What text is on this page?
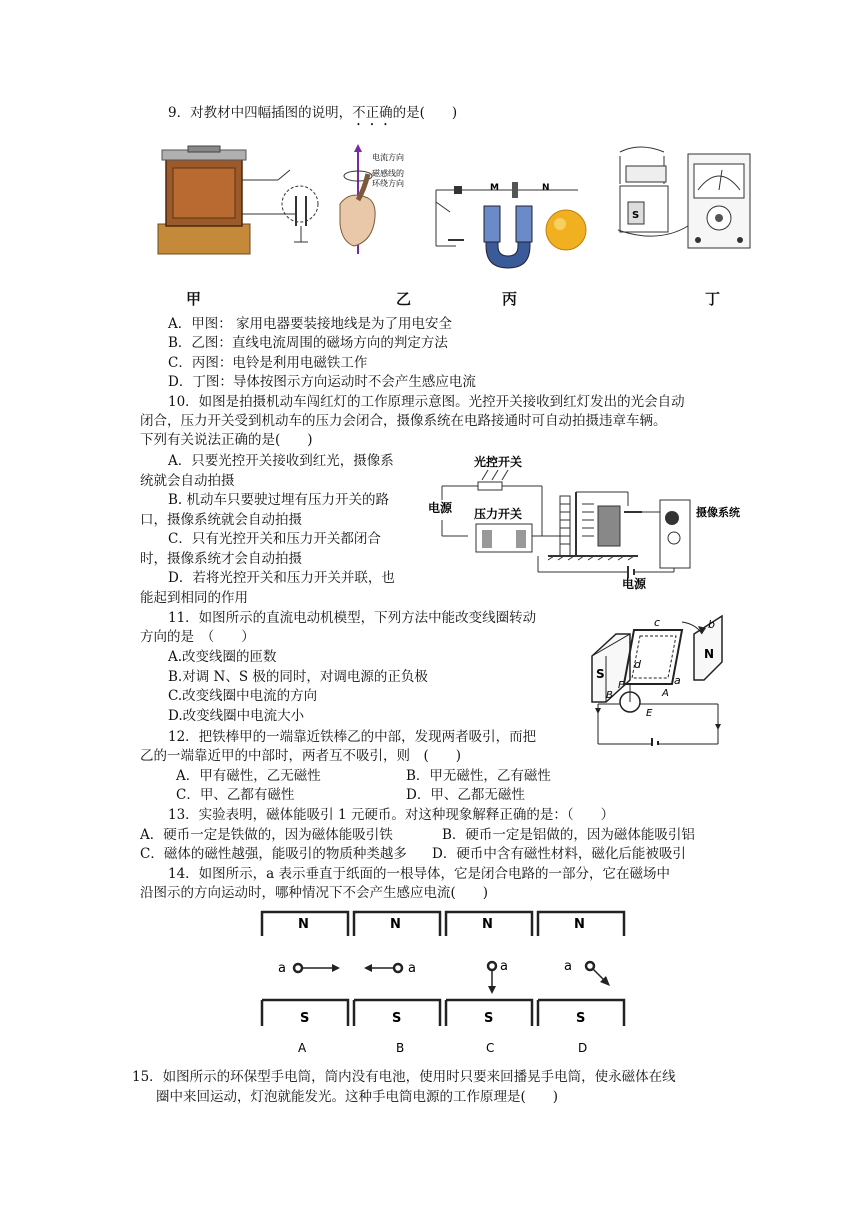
9．对教材中四幅插图的说明，不正确的是(　　)
电流方向
磁感线的
环绕方向	M	N
S
甲	乙	丙	丁
A．甲图： 家用电器要装接地线是为了用电安全
B．乙图：直线电流周围的磁场方向的判定方法
C．丙图：电铃是利用电磁铁工作
D．丁图：导体按图示方向运动时不会产生感应电流
10．如图是拍摄机动车闯红灯的工作原理示意图。光控开关接收到红灯发出的光会自动
闭合，压力开关受到机动车的压力会闭合，摄像系统在电路接通时可自动拍摄违章车辆。
下列有关说法正确的是(　　)
A．只要光控开关接收到红光，摄像系
统就会自动拍摄
B. 机动车只要驶过埋有压力开关的路
口，摄像系统就会自动拍摄
C．只有光控开关和压力开关都闭合
时，摄像系统才会自动拍摄
D．若将光控开关和压力开关并联，也
能起到相同的作用
光控开关
电源 压力开关	摄像系统
电源
11．如图所示的直流电动机模型，下列方法中能改变线圈转动
方向的是　（　　）
A.改变线圈的匝数
B.对调 N、S 极的同时，对调电源的正负极
C.改变线圈中电流的方向
D.改变线圈中电流大小
S
N
c	b
d
a
F
B	A
E
12．把铁棒甲的一端靠近铁棒乙的中部，发现两者吸引，而把
乙的一端靠近甲的中部时，两者互不吸引，则　(　　)
A．甲有磁性，乙无磁性	B．甲无磁性，乙有磁性
C．甲、乙都有磁性	D．甲、乙都无磁性
13．实验表明，磁体能吸引 1 元硬币。对这种现象解释正确的是：（　　）
A．硬币一定是铁做的，因为磁体能吸引铁	B．硬币一定是铝做的，因为磁体能吸引铝
C．磁体的磁性越强，能吸引的物质种类越多 D．硬币中含有磁性材料，磁化后能被吸引
14．如图所示，a 表示垂直于纸面的一根导体，它是闭合电路的一部分，它在磁场中
沿图示的方向运动时，哪种情况下不会产生感应电流(　　)
N	N	N	N
S	S	S	S
a	a	a	a
A	B	C	D
15．如图所示的环保型手电筒，筒内没有电池，使用时只要来回播晃手电筒，使永磁体在线
圈中来回运动，灯泡就能发光。这种手电筒电源的工作原理是(　　)
